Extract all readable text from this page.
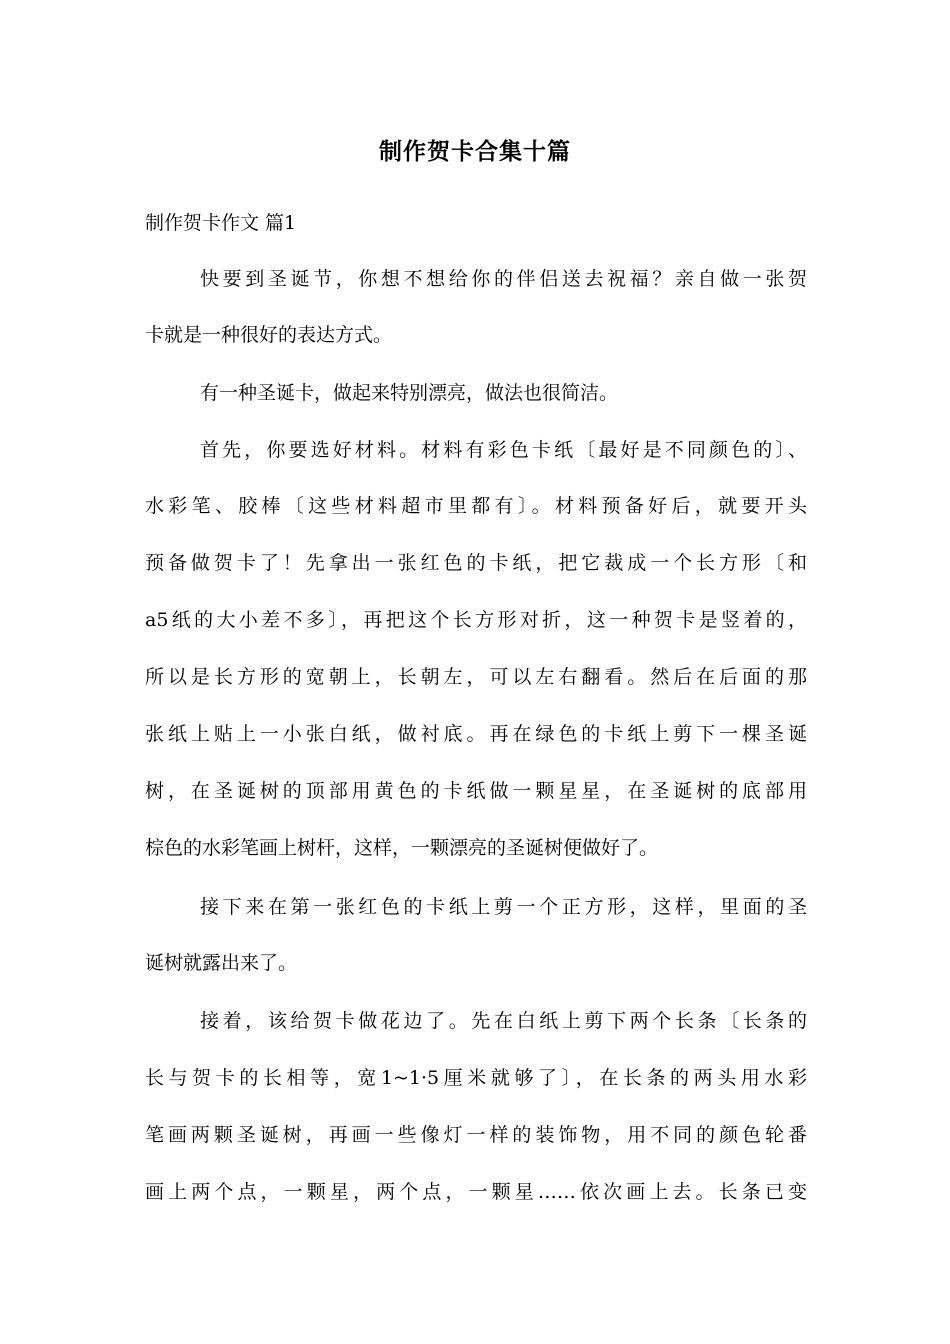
制作贺卡合集十篇
制作贺卡作文 篇1
快要到圣诞节，你想不想给你的伴侣送去祝福？亲自做一张贺
卡就是一种很好的表达方式。
有一种圣诞卡，做起来特别漂亮，做法也很简洁。
首先，你要选好材料。材料有彩色卡纸〔最好是不同颜色的〕、
水彩笔、胶棒〔这些材料超市里都有〕。材料预备好后，就要开头
预备做贺卡了！先拿出一张红色的卡纸，把它裁成一个长方形〔和
a5纸的大小差不多〕，再把这个长方形对折，这一种贺卡是竖着的，
所以是长方形的宽朝上，长朝左，可以左右翻看。然后在后面的那
张纸上贴上一小张白纸，做衬底。再在绿色的卡纸上剪下一棵圣诞
树，在圣诞树的顶部用黄色的卡纸做一颗星星，在圣诞树的底部用
棕色的水彩笔画上树杆，这样，一颗漂亮的圣诞树便做好了。
接下来在第一张红色的卡纸上剪一个正方形，这样，里面的圣
诞树就露出来了。
接着，该给贺卡做花边了。先在白纸上剪下两个长条〔长条的
长与贺卡的长相等，宽1~1·5厘米就够了〕，在长条的两头用水彩
笔画两颗圣诞树，再画一些像灯一样的装饰物，用不同的颜色轮番
画上两个点，一颗星，两个点，一颗星……依次画上去。长条已变
